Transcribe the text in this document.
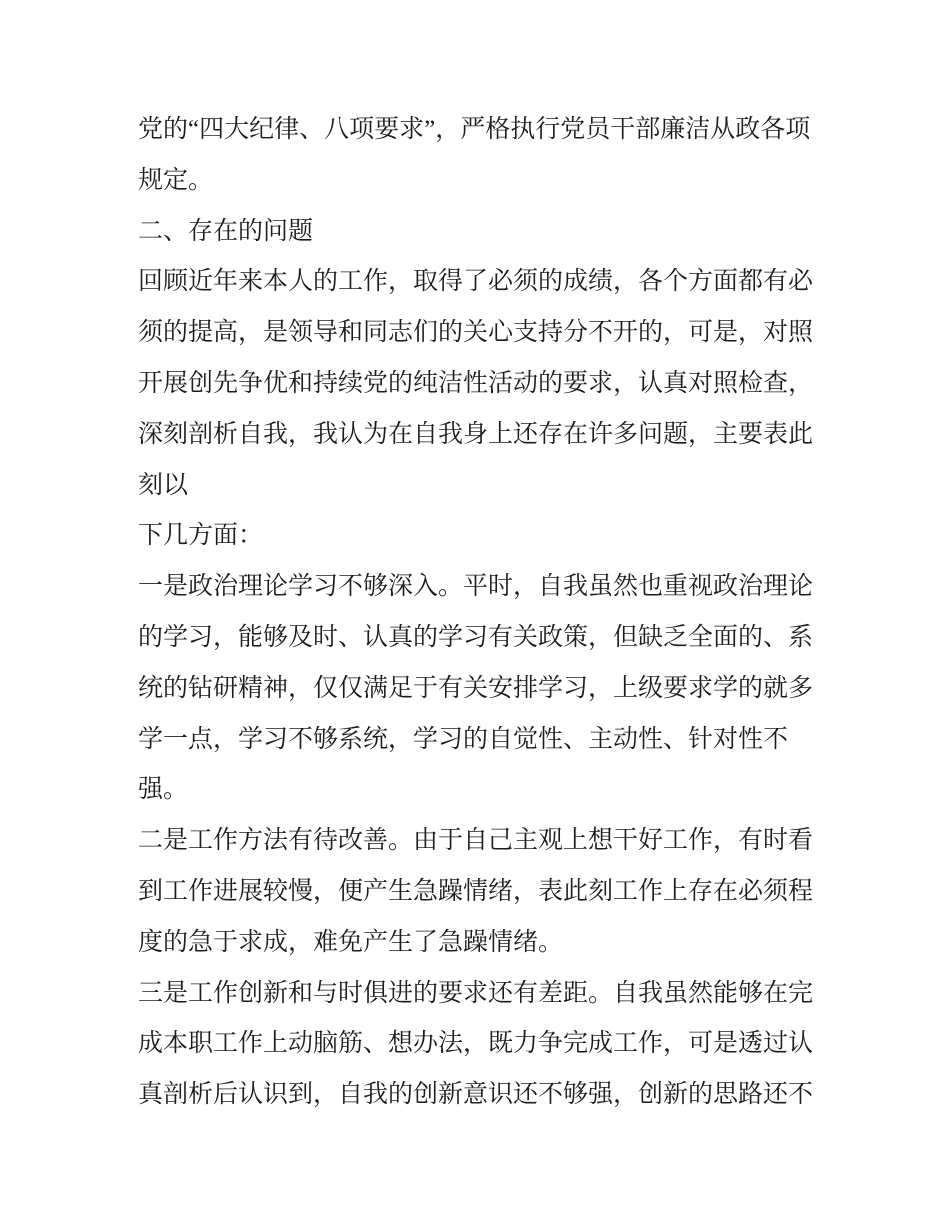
党的“四大纪律、八项要求”，严格执行党员干部廉洁从政各项
规定。
二、存在的问题
回顾近年来本人的工作，取得了必须的成绩，各个方面都有必
须的提高，是领导和同志们的关心支持分不开的，可是，对照
开展创先争优和持续党的纯洁性活动的要求，认真对照检查，
深刻剖析自我，我认为在自我身上还存在许多问题，主要表此
刻以
下几方面：
一是政治理论学习不够深入。平时，自我虽然也重视政治理论
的学习，能够及时、认真的学习有关政策，但缺乏全面的、系
统的钻研精神，仅仅满足于有关安排学习，上级要求学的就多
学一点，学习不够系统，学习的自觉性、主动性、针对性不
强。
二是工作方法有待改善。由于自己主观上想干好工作，有时看
到工作进展较慢，便产生急躁情绪，表此刻工作上存在必须程
度的急于求成，难免产生了急躁情绪。
三是工作创新和与时俱进的要求还有差距。自我虽然能够在完
成本职工作上动脑筋、想办法，既力争完成工作，可是透过认
真剖析后认识到，自我的创新意识还不够强，创新的思路还不
